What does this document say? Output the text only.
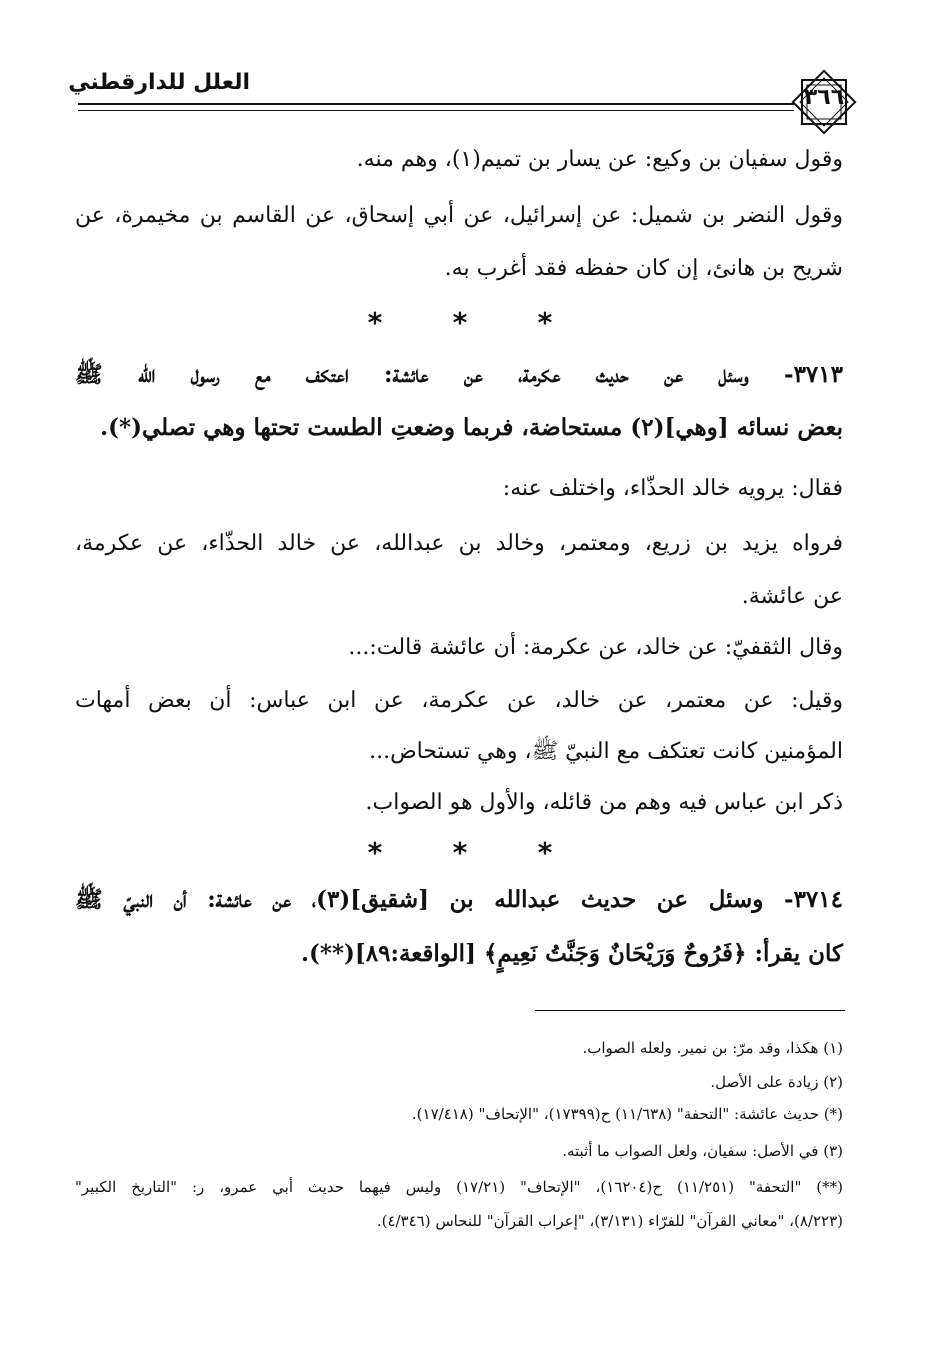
العلل للدارقطني
٣٦٦
وقول سفيان بن وكيع: عن يسار بن تميم(١)، وهم منه.
وقول النضر بن شميل: عن إسرائيل، عن أبي إسحاق، عن القاسم بن مخيمرة، عن
شريح بن هانئ، إن كان حفظه فقد أغرب به.
*	*	*
٣٧١٣- وسئل عن حديث عكرمة، عن عائشة: اعتكف مع رسول الله ﷺ
بعض نسائه [وهي](٢) مستحاضة، فربما وضعتِ الطست تحتها وهي تصلي(*).
فقال: يرويه خالد الحذّاء، واختلف عنه:
فرواه يزيد بن زريع، ومعتمر، وخالد بن عبدالله، عن خالد الحذّاء، عن عكرمة،
عن عائشة.
وقال الثقفيّ: عن خالد، عن عكرمة: أن عائشة قالت:...
وقيل: عن معتمر، عن خالد، عن عكرمة، عن ابن عباس: أن بعض أمهات
المؤمنين كانت تعتكف مع النبيّ ﷺ، وهي تستحاض...
ذكر ابن عباس فيه وهم من قائله، والأول هو الصواب.
*	*	*
٣٧١٤- وسئل عن حديث عبدالله بن [شقيق](٣)، عن عائشة: أن النبيّ ﷺ
كان يقرأ: ﴿فَرُوحٌ وَرَيْحَانٌ وَجَنَّتُ نَعِيمٍ﴾ [الواقعة:٨٩](**).
(١) هكذا، وقد مرّ: بن نمير. ولعله الصواب.
(٢) زيادة على الأصل.
(*) حديث عائشة: "التحفة" (١١/٦٣٨) ح(١٧٣٩٩)، "الإتحاف" (١٧/٤١٨).
(٣) في الأصل: سفيان، ولعل الصواب ما أثبته.
(**) "التحفة" (١١/٢٥١) ح(١٦٢٠٤)، "الإتحاف" (١٧/٢١) وليس فيهما حديث أبي عمرو، ر: "التاريخ الكبير"
(٨/٢٢٣)، "معاني القرآن" للفرّاء (٣/١٣١)، "إعراب القرآن" للنحاس (٤/٣٤٦).
